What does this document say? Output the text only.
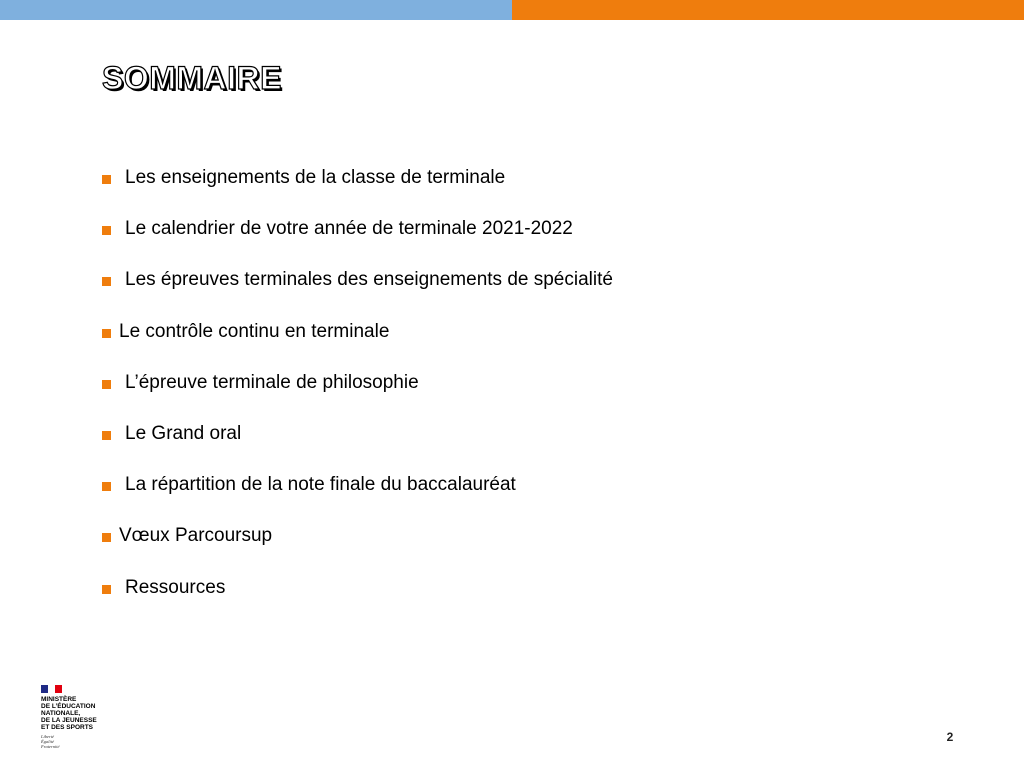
SOMMAIRE
Les enseignements de la classe de terminale
Le calendrier de votre année de terminale 2021-2022
Les épreuves terminales des enseignements de spécialité
Le contrôle continu en terminale
L’épreuve terminale de philosophie
Le Grand oral
La répartition de la note finale du baccalauréat
Vœux Parcoursup
Ressources
MINISTÈRE
DE L’ÉDUCATION
NATIONALE,
DE LA JEUNESSE
ET DES SPORTS
Liberté
Égalité
Fraternité
2
